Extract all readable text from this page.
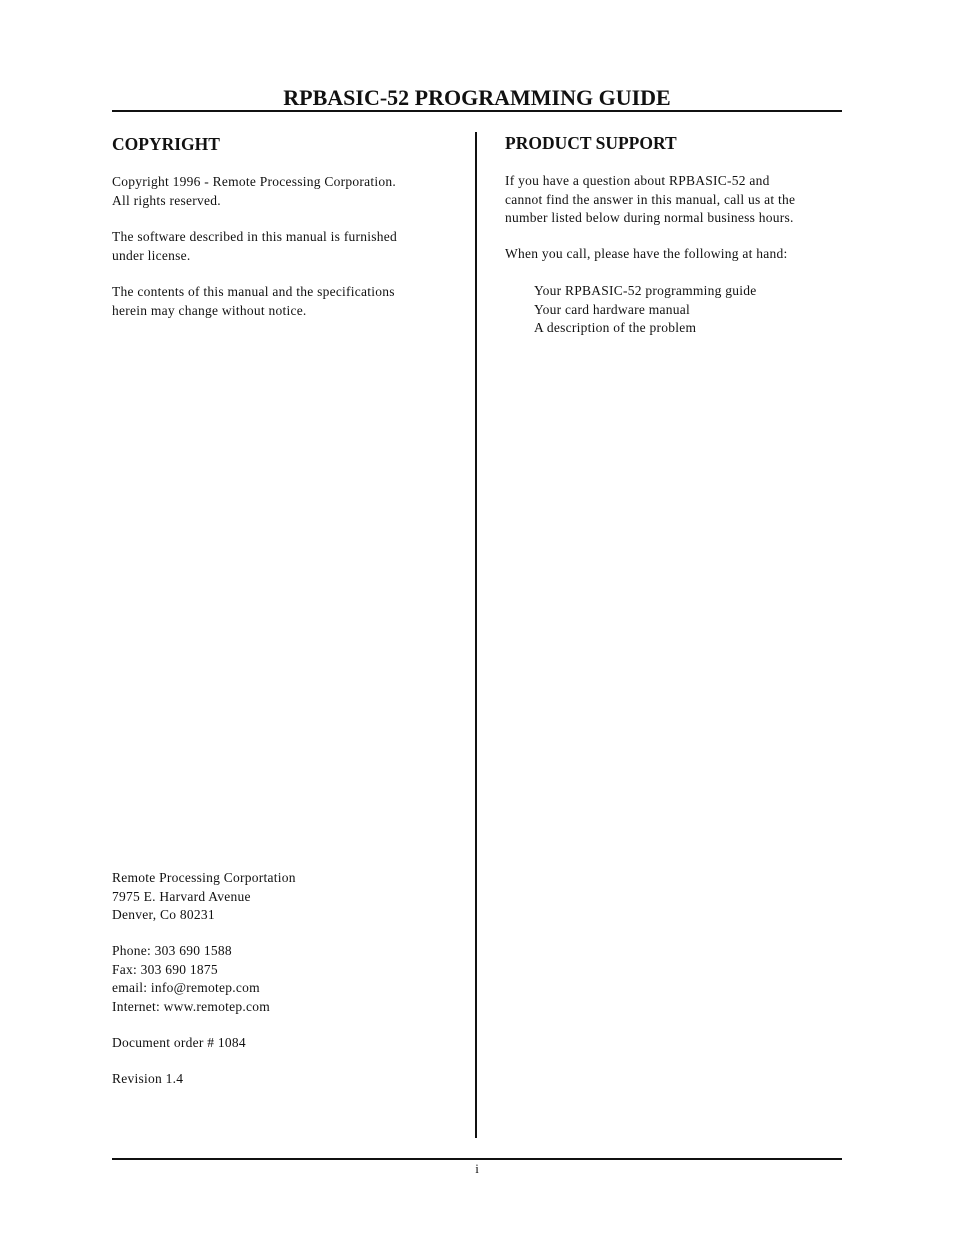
RPBASIC-52 PROGRAMMING GUIDE
COPYRIGHT

Copyright 1996 - Remote Processing Corporation.
All rights reserved.

The software described in this manual is furnished
under license.

The contents of this manual and the specifications
herein may change without notice.

Remote Processing Corportation
7975 E. Harvard Avenue
Denver, Co 80231

Phone: 303 690 1588
Fax: 303 690 1875
email: info@remotep.com
Internet: www.remotep.com

Document order # 1084

Revision 1.4

PRODUCT SUPPORT

If you have a question about RPBASIC-52 and
cannot find the answer in this manual, call us at the
number listed below during normal business hours.

When you call, please have the following at hand:

Your RPBASIC-52 programming guide
Your card hardware manual
A description of the problem

i
